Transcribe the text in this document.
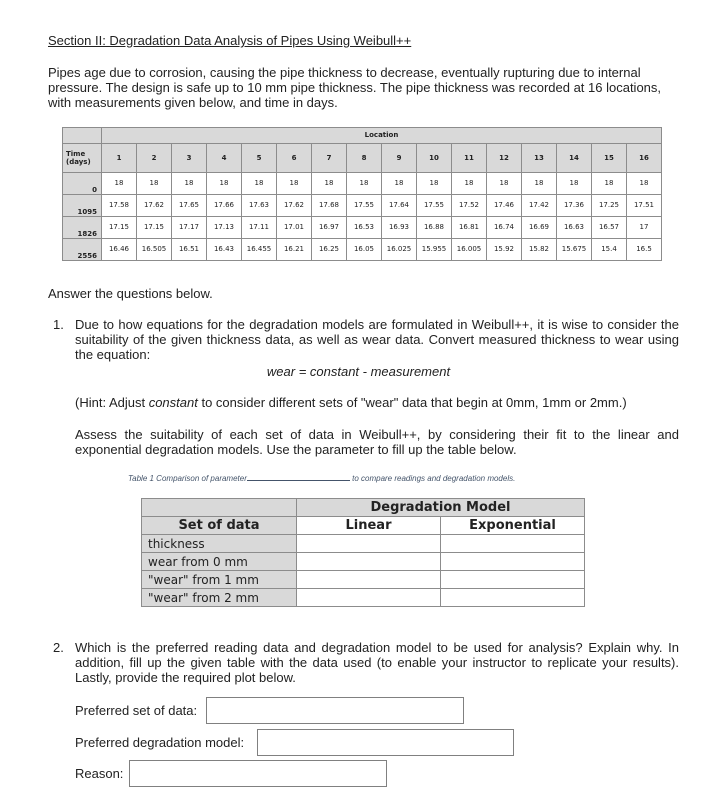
Section II: Degradation Data Analysis of Pipes Using Weibull++
Pipes age due to corrosion, causing the pipe thickness to decrease, eventually rupturing due to internal pressure. The design is safe up to 10 mm pipe thickness. The pipe thickness was recorded at 16 locations, with measurements given below, and time in days.
	Location															
Time (days)	1	2	3	4	5	6	7	8	9	10	11	12	13	14	15	16
0	18	18	18	18	18	18	18	18	18	18	18	18	18	18	18	18
1095	17.58	17.62	17.65	17.66	17.63	17.62	17.68	17.55	17.64	17.55	17.52	17.46	17.42	17.36	17.25	17.51
1826	17.15	17.15	17.17	17.13	17.11	17.01	16.97	16.53	16.93	16.88	16.81	16.74	16.69	16.63	16.57	17
2556	16.46	16.505	16.51	16.43	16.455	16.21	16.25	16.05	16.025	15.955	16.005	15.92	15.82	15.675	15.4	16.5
Answer the questions below.
1. Due to how equations for the degradation models are formulated in Weibull++, it is wise to consider the suitability of the given thickness data, as well as wear data. Convert measured thickness to wear using the equation:
wear = constant - measurement
(Hint: Adjust constant to consider different sets of "wear" data that begin at 0mm, 1mm or 2mm.)
Assess the suitability of each set of data in Weibull++, by considering their fit to the linear and exponential degradation models. Use the parameter to fill up the table below.
Table 1 Comparison of parameter	to compare readings and degradation models.
	Degradation Model	
Set of data	Linear	Exponential
thickness		
wear from 0 mm		
"wear" from 1 mm		
"wear" from 2 mm		
2. Which is the preferred reading data and degradation model to be used for analysis? Explain why. In addition, fill up the given table with the data used (to enable your instructor to replicate your results). Lastly, provide the required plot below.
Preferred set of data:
Preferred degradation model:
Reason:
